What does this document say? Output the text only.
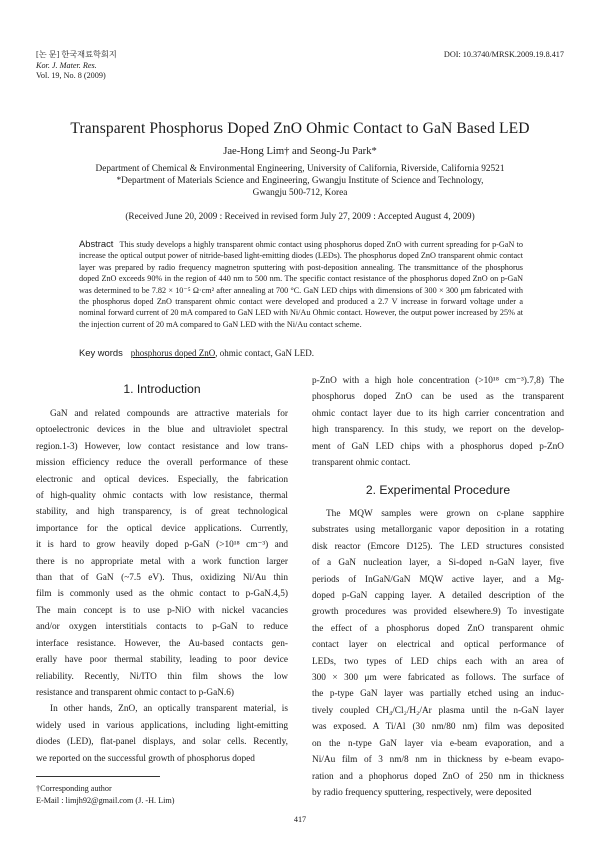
[논 문] 한국재료학회지
Kor. J. Mater. Res.
Vol. 19, No. 8 (2009)
DOI: 10.3740/MRSK.2009.19.8.417
Transparent Phosphorus Doped ZnO Ohmic Contact to GaN Based LED
Jae-Hong Lim† and Seong-Ju Park*
Department of Chemical & Environmental Engineering, University of California, Riverside, California 92521
*Department of Materials Science and Engineering, Gwangju Institute of Science and Technology,
Gwangju 500-712, Korea
(Received June 20, 2009 : Received in revised form July 27, 2009 : Accepted August 4, 2009)
Abstract This study develops a highly transparent ohmic contact using phosphorus doped ZnO with current spreading for p-GaN to increase the optical output power of nitride-based light-emitting diodes (LEDs). The phosphorus doped ZnO transparent ohmic contact layer was prepared by radio frequency magnetron sputtering with post-deposition annealing. The transmittance of the phosphorus doped ZnO exceeds 90% in the region of 440 nm to 500 nm. The specific contact resistance of the phosphorus doped ZnO on p-GaN was determined to be 7.82 × 10⁻⁵ Ω·cm² after annealing at 700 °C. GaN LED chips with dimensions of 300 × 300 μm fabricated with the phosphorus doped ZnO transparent ohmic contact were developed and produced a 2.7 V increase in forward voltage under a nominal forward current of 20 mA compared to GaN LED with Ni/Au Ohmic contact. However, the output power increased by 25% at the injection current of 20 mA compared to GaN LED with the Ni/Au contact scheme.
Key words phosphorus doped ZnO, ohmic contact, GaN LED.
1. Introduction
GaN and related compounds are attractive materials for
optoelectronic devices in the blue and ultraviolet spectral
region.1-3) However, low contact resistance and low trans-
mission efficiency reduce the overall performance of these
electronic and optical devices. Especially, the fabrication
of high-quality ohmic contacts with low resistance, thermal
stability, and high transparency, is of great technological
importance for the optical device applications. Currently,
it is hard to grow heavily doped p-GaN (>10¹⁸ cm⁻³) and
there is no appropriate metal with a work function larger
than that of GaN (~7.5 eV). Thus, oxidizing Ni/Au thin
film is commonly used as the ohmic contact to p-GaN.4,5)
The main concept is to use p-NiO with nickel vacancies
and/or oxygen interstitials contacts to p-GaN to reduce
interface resistance. However, the Au-based contacts gen-
erally have poor thermal stability, leading to poor device
reliability. Recently, Ni/ITO thin film shows the low
resistance and transparent ohmic contact to p-GaN.6)
In other hands, ZnO, an optically transparent material, is
widely used in various applications, including light-emitting
diodes (LED), flat-panel displays, and solar cells. Recently,
we reported on the successful growth of phosphorus doped
p-ZnO with a high hole concentration (>10¹⁸ cm⁻³).7,8) The
phosphorus doped ZnO can be used as the transparent
ohmic contact layer due to its high carrier concentration and
high transparency. In this study, we report on the develop-
ment of GaN LED chips with a phosphorus doped p-ZnO
transparent ohmic contact.
2. Experimental Procedure
The MQW samples were grown on c-plane sapphire
substrates using metallorganic vapor deposition in a rotating
disk reactor (Emcore D125). The LED structures consisted
of a GaN nucleation layer, a Si-doped n-GaN layer, five
periods of InGaN/GaN MQW active layer, and a Mg-
doped p-GaN capping layer. A detailed description of the
growth procedures was provided elsewhere.9) To investigate
the effect of a phosphorus doped ZnO transparent ohmic
contact layer on electrical and optical performance of
LEDs, two types of LED chips each with an area of
300 × 300 μm were fabricated as follows. The surface of
the p-type GaN layer was partially etched using an induc-
tively coupled CH₄/Cl₂/H₂/Ar plasma until the n-GaN layer
was exposed. A Ti/Al (30 nm/80 nm) film was deposited
on the n-type GaN layer via e-beam evaporation, and a
Ni/Au film of 3 nm/8 nm in thickness by e-beam evapo-
ration and a phophorus doped ZnO of 250 nm in thickness
by radio frequency sputtering, respectively, were deposited
†Corresponding author
E-Mail : limjh92@gmail.com (J. -H. Lim)
417
